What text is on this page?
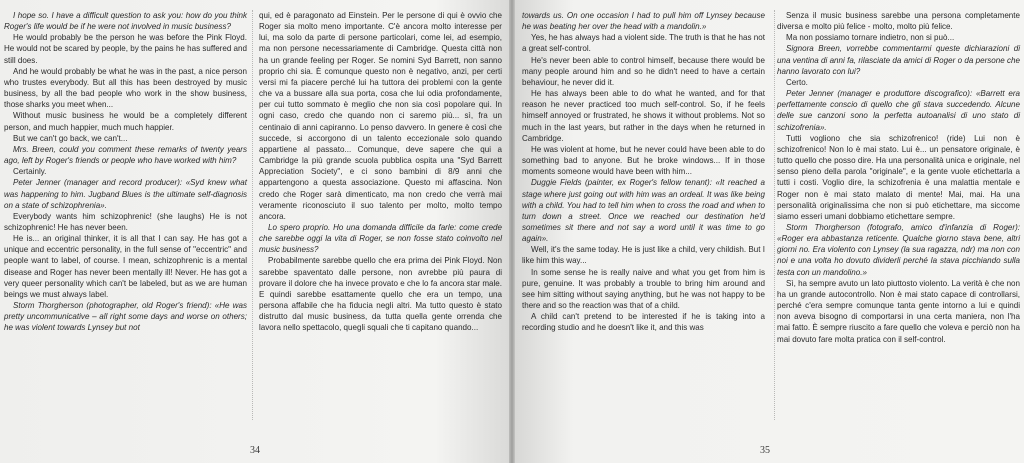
I hope so. I have a difficult question to ask you: how do you think Roger's life would be if he were not involved in music business?

He would probably be the person he was before the Pink Floyd. He would not be scared by people, by the pains he has suffered and still does.

And he would probably be what he was in the past, a nice person who trustes everybody. But all this has been destroyed by music business, by all the bad people who work in the show business, those sharks you meet when...

Without music business he would be a completely different person, and much happier, much much happier.

But we can't go back, we can't...

Mrs. Breen, could you comment these remarks of twenty years ago, left by Roger's friends or people who have worked with him?

Certainly.

Peter Jenner (manager and record producer): «Syd knew what was happening to him. Jugband Blues is the ultimate self-diagnosis on a state of schizophrenia».

Everybody wants him schizophrenic! (she laughs) He is not schizophrenic! He has never been.

He is... an original thinker, it is all that I can say. He has got a unique and eccentric personality, in the full sense of "eccentric" and people want to label, of course. I mean, schizophrenic is a mental disease and Roger has never been mentally ill! Never. He has got a very queer personality which can't be labeled, but as we are human beings we must always label.

Storm Thorgherson (photographer, old Roger's friend): «He was pretty uncommunicative – all right some days and worse on others; he was violent towards Lynsey but not

qui, ed è paragonato ad Einstein. Per le persone di qui è ovvio che Roger sia molto meno importante. C'è ancora molto interesse per lui, ma solo da parte di persone particolari, come lei, ad esempio, ma non persone necessariamente di Cambridge. Questa città non ha un grande feeling per Roger. Se nomini Syd Barrett, non sanno proprio chi sia. È comunque questo non è negativo, anzi, per certi versi mi fa piacere perché lui ha tuttora dei problemi con la gente che va a bussare alla sua porta, cosa che lui odia profondamente, per cui tutto sommato è meglio che non sia così popolare qui. In ogni caso, credo che quando non ci saremo più... sì, fra un centinaio di anni capiranno. Lo penso davvero. In genere è così che succede, si accorgono di un talento eccezionale solo quando appartiene al passato... Comunque, deve sapere che qui a Cambridge la più grande scuola pubblica ospita una "Syd Barrett Appreciation Society", e ci sono bambini di 8/9 anni che appartengono a questa associazione. Questo mi affascina. Non credo che Roger sarà dimenticato, ma non credo che verrà mai veramente riconosciuto il suo talento per molto, molto tempo ancora.

Lo spero proprio. Ho una domanda difficile da farle: come crede che sarebbe oggi la vita di Roger, se non fosse stato coinvolto nel music business?

Probabilmente sarebbe quello che era prima dei Pink Floyd. Non sarebbe spaventato dalle persone, non avrebbe più paura di provare il dolore che ha invece provato e che lo fa ancora star male. E quindi sarebbe esattamente quello che era un tempo, una persona affabile che ha fiducia negli altri. Ma tutto questo è stato distrutto dal music business, da tutta quella gente orrenda che lavora nello spettacolo, quegli squali che ti capitano quando...

34

towards us. On one occasion I had to pull him off Lynsey because he was beating her over the head with a mandolin.»

Yes, he has always had a violent side. The truth is that he has not a great self-control.

He's never been able to control himself, because there would be many people around him and so he didn't need to have a certain behaviour, he never did it.

He has always been able to do what he wanted, and for that reason he never practiced too much self-control. So, if he feels himself annoyed or frustrated, he shows it without problems. Not so much in the last years, but rather in the days when he returned in Cambridge.

He was violent at home, but he never could have been able to do something bad to anyone. But he broke windows... If in those moments someone would have been with him...

Duggie Fields (painter, ex Roger's fellow tenant): «It reached a stage where just going out with him was an ordeal. It was like being with a child. You had to tell him when to cross the road and when to turn down a street. Once we reached our destination he'd sometimes sit there and not say a word until it was time to go again».

Well, it's the same today. He is just like a child, very childish. But I like him this way...

In some sense he is really naive and what you get from him is pure, genuine. It was probably a trouble to bring him around and see him sitting without saying anything, but he was not happy to be there and so the reaction was that of a child.

A child can't pretend to be interested if he is taking into a recording studio and he doesn't like it, and this was

Senza il music business sarebbe una persona completamente diversa e molto più felice - molto, molto più felice.

Ma non possiamo tornare indietro, non si può...

Signora Breen, vorrebbe commentarmi queste dichiarazioni di una ventina di anni fa, rilasciate da amici di Roger o da persone che hanno lavorato con lui?

Certo.

Peter Jenner (manager e produttore discografico): «Barrett era perfettamente conscio di quello che gli stava succedendo. Alcune delle sue canzoni sono la perfetta autoanalisi di uno stato di schizofrenia».

Tutti vogliono che sia schizofrenico! (ride) Lui non è schizofrenico! Non lo è mai stato. Lui è... un pensatore originale, è tutto quello che posso dire. Ha una personalità unica e originale, nel senso pieno della parola "originale", e la gente vuole etichettarla a tutti i costi. Voglio dire, la schizofrenia è una malattia mentale e Roger non è mai stato malato di mente! Mai, mai. Ha una personalità originalissima che non si può etichettare, ma siccome siamo esseri umani dobbiamo etichettare sempre.

Storm Thorgherson (fotografo, amico d'infanzia di Roger): «Roger era abbastanza reticente. Qualche giorno stava bene, altri giorni no. Era violento con Lynsey (la sua ragazza, ndr) ma non con noi e una volta ho dovuto dividerli perché la stava picchiando sulla testa con un mandolino.»

Sì, ha sempre avuto un lato piuttosto violento. La verità è che non ha un grande autocontrollo. Non è mai stato capace di controllarsi, perché c'era sempre comunque tanta gente intorno a lui e quindi non aveva bisogno di comportarsi in una certa maniera, non l'ha mai fatto. È sempre riuscito a fare quello che voleva e perciò non ha mai dovuto fare molta pratica con il self-control.

35
